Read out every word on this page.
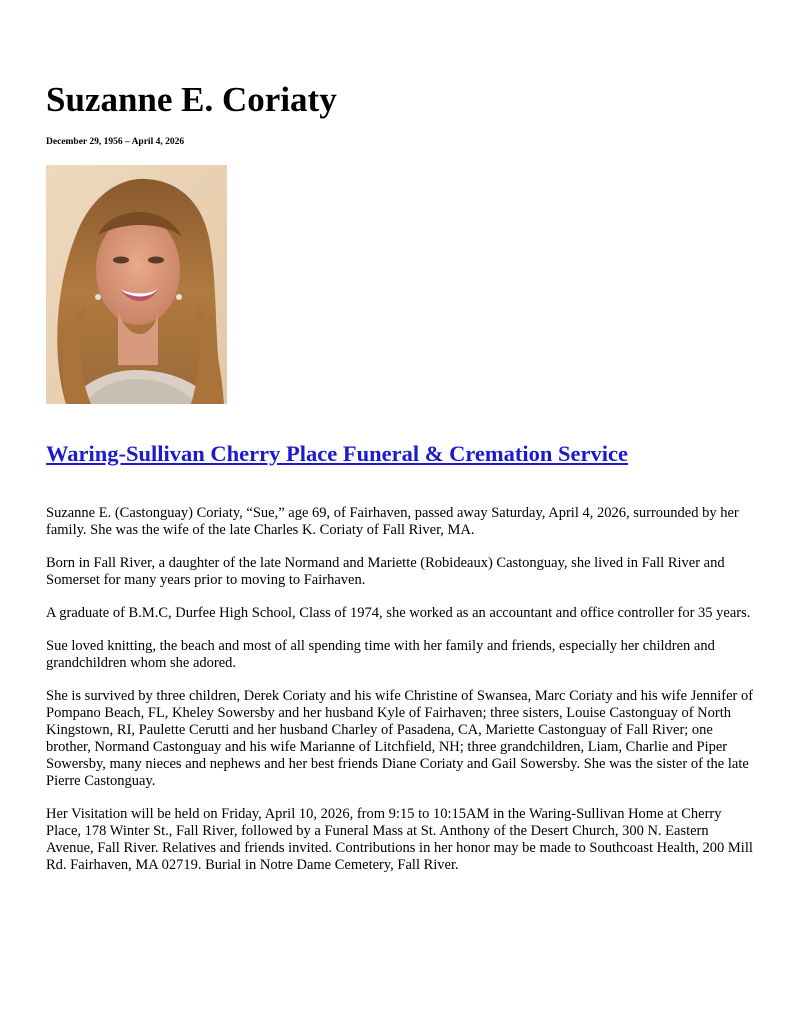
Suzanne E. Coriaty
December 29, 1956 – April 4, 2026
Waring-Sullivan Cherry Place Funeral & Cremation Service

Suzanne E. (Castonguay) Coriaty, “Sue,” age 69, of Fairhaven, passed away Saturday, April 4, 2026, surrounded by her family. She was the wife of the late Charles K. Coriaty of Fall River, MA.

Born in Fall River, a daughter of the late Normand and Mariette (Robideaux) Castonguay, she lived in Fall River and Somerset for many years prior to moving to Fairhaven.

A graduate of B.M.C, Durfee High School, Class of 1974, she worked as an accountant and office controller for 35 years.

Sue loved knitting, the beach and most of all spending time with her family and friends, especially her children and grandchildren whom she adored.

She is survived by three children, Derek Coriaty and his wife Christine of Swansea, Marc Coriaty and his wife Jennifer of Pompano Beach, FL, Kheley Sowersby and her husband Kyle of Fairhaven; three sisters, Louise Castonguay of North Kingstown, RI, Paulette Cerutti and her husband Charley of Pasadena, CA, Mariette Castonguay of Fall River; one brother, Normand Castonguay and his wife Marianne of Litchfield, NH; three grandchildren, Liam, Charlie and Piper Sowersby, many nieces and nephews and her best friends Diane Coriaty and Gail Sowersby. She was the sister of the late Pierre Castonguay.

Her Visitation will be held on Friday, April 10, 2026, from 9:15 to 10:15AM in the Waring-Sullivan Home at Cherry Place, 178 Winter St., Fall River, followed by a Funeral Mass at St. Anthony of the Desert Church, 300 N. Eastern Avenue, Fall River. Relatives and friends invited. Contributions in her honor may be made to Southcoast Health, 200 Mill Rd. Fairhaven, MA 02719. Burial in Notre Dame Cemetery, Fall River.
